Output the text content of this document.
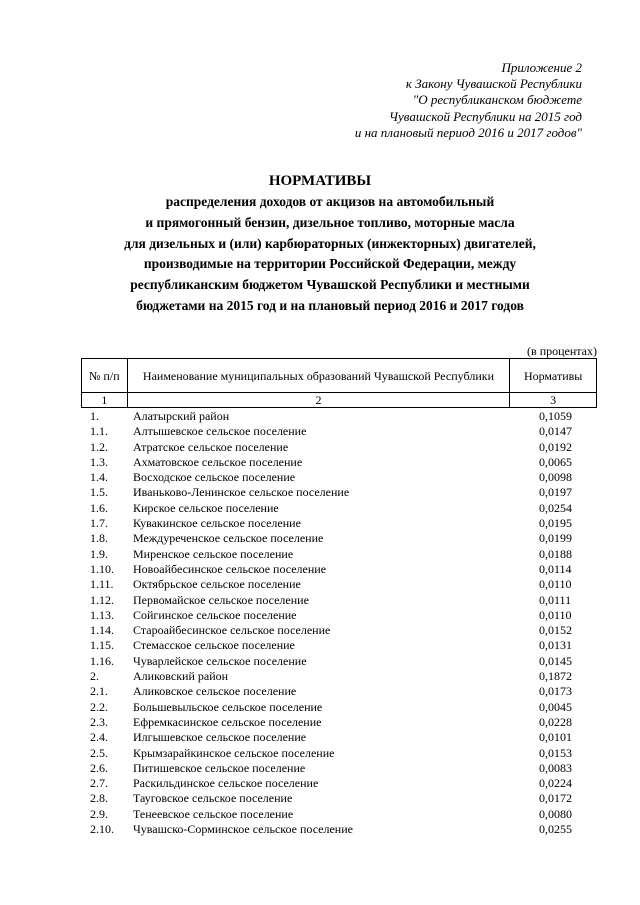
Приложение 2
к Закону Чувашской Республики
"О республиканском бюджете
Чувашской Республики на 2015 год
и на плановый период 2016 и 2017 годов"
НОРМАТИВЫ
распределения доходов от акцизов на автомобильный
и прямогонный бензин, дизельное топливо, моторные масла
для дизельных и (или) карбюраторных (инжекторных) двигателей,
производимые на территории Российской Федерации, между
республиканским бюджетом Чувашской Республики и местными
бюджетами на 2015 год и на плановый период 2016 и 2017 годов
(в процентах)
№ п/п	Наименование муниципальных образований Чувашской Республики	Нормативы
1	2	3
1.	Алатырский район	0,1059
1.1. Алтышевское сельское поселение	0,0147
1.2. Атратское сельское поселение	0,0192
1.3. Ахматовское сельское поселение	0,0065
1.4. Восходское сельское поселение	0,0098
1.5. Иваньково-Ленинское сельское поселение	0,0197
1.6. Кирское сельское поселение	0,0254
1.7. Кувакинское сельское поселение	0,0195
1.8. Междуреченское сельское поселение	0,0199
1.9. Миренское сельское поселение	0,0188
1.10. Новоайбесинское сельское поселение	0,0114
1.11. Октябрьское сельское поселение	0,0110
1.12. Первомайское сельское поселение	0,0111
1.13. Сойгинское сельское поселение	0,0110
1.14. Староайбесинское сельское поселение	0,0152
1.15. Стемасское сельское поселение	0,0131
1.16. Чуварлейское сельское поселение	0,0145
2.	Аликовский район	0,1872
2.1. Аликовское сельское поселение	0,0173
2.2. Большевыльское сельское поселение	0,0045
2.3. Ефремкасинское сельское поселение	0,0228
2.4. Илгышевское сельское поселение	0,0101
2.5. Крымзарайкинское сельское поселение	0,0153
2.6. Питишевское сельское поселение	0,0083
2.7. Раскильдинское сельское поселение	0,0224
2.8. Тауговское сельское поселение	0,0172
2.9. Тенеевское сельское поселение	0,0080
2.10. Чувашско-Сорминское сельское поселение	0,0255
